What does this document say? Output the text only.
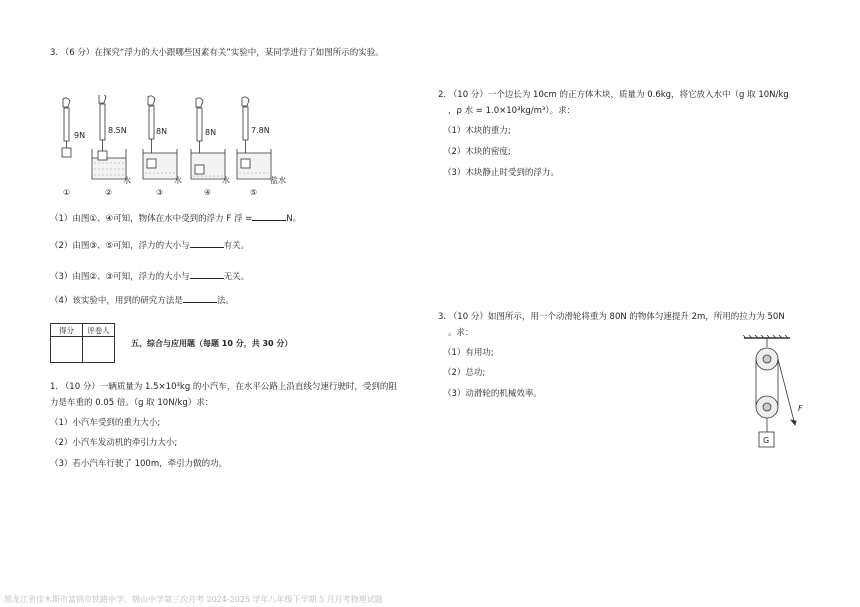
3. （6 分）在探究“浮力的大小跟哪些因素有关”实验中，某同学进行了如图所示的实验。
9N
8.5N	8N	8N	7.8N
水	水	水	盐水
①	②	③	④	⑤
（1）由图①、④可知，物体在水中受到的浮力 F 浮 =	N。
（2）由图③、⑤可知，浮力的大小与	有关。
（3）由图②、③可知，浮力的大小与	无关。
（4）该实验中，用到的研究方法是	法。
得分	评卷人

五、综合与应用题（每题 10 分，共 30 分）
1. （10 分）一辆质量为 1.5×10³kg 的小汽车，在水平公路上沿直线匀速行驶时，受到的阻
力是车重的 0.05 倍。（g 取 10N/kg）求：
（1）小汽车受到的重力大小;
（2）小汽车发动机的牵引力大小;
（3）若小汽车行驶了 100m，牵引力做的功。
2. （10 分）一个边长为 10cm 的正方体木块，质量为 0.6kg，将它放入水中（g 取 10N/kg
，ρ 水 = 1.0×10³kg/m³）。求：
（1）木块的重力;
（2）木块的密度;
（3）木块静止时受到的浮力。
3. （10 分）如图所示，用一个动滑轮将重为 80N 的物体匀速提升 2m，所用的拉力为 50N
。求：
（1）有用功;
（2）总功;
（3）动滑轮的机械效率。
F
G
黑龙江省佳木斯市富锦市铁路中学、锦山中学第三次月考 2024-2025 学年八年级下学期 5 月月考物理试题
